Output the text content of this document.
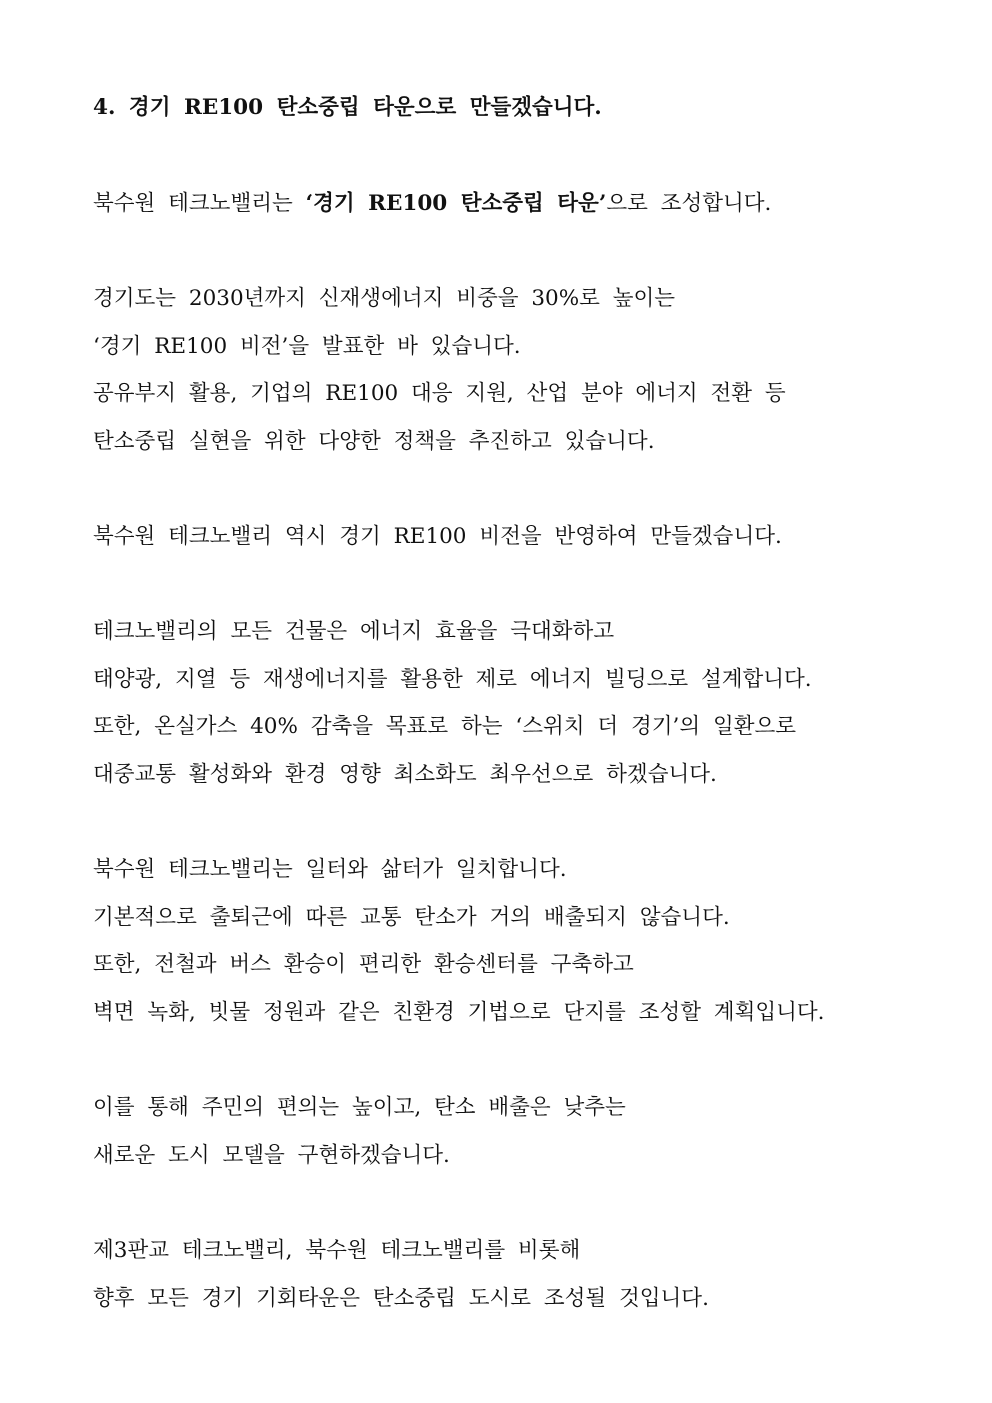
4. 경기 RE100 탄소중립 타운으로 만들겠습니다.
북수원 테크노밸리는 ‘경기 RE100 탄소중립 타운’으로 조성합니다.
경기도는 2030년까지 신재생에너지 비중을 30%로 높이는
‘경기 RE100 비전’을 발표한 바 있습니다.
공유부지 활용, 기업의 RE100 대응 지원, 산업 분야 에너지 전환 등
탄소중립 실현을 위한 다양한 정책을 추진하고 있습니다.
북수원 테크노밸리 역시 경기 RE100 비전을 반영하여 만들겠습니다.
테크노밸리의 모든 건물은 에너지 효율을 극대화하고
태양광, 지열 등 재생에너지를 활용한 제로 에너지 빌딩으로 설계합니다.
또한, 온실가스 40% 감축을 목표로 하는 ‘스위치 더 경기’의 일환으로
대중교통 활성화와 환경 영향 최소화도 최우선으로 하겠습니다.
북수원 테크노밸리는 일터와 삶터가 일치합니다.
기본적으로 출퇴근에 따른 교통 탄소가 거의 배출되지 않습니다.
또한, 전철과 버스 환승이 편리한 환승센터를 구축하고
벽면 녹화, 빗물 정원과 같은 친환경 기법으로 단지를 조성할 계획입니다.
이를 통해 주민의 편의는 높이고, 탄소 배출은 낮추는
새로운 도시 모델을 구현하겠습니다.
제3판교 테크노밸리, 북수원 테크노밸리를 비롯해
향후 모든 경기 기회타운은 탄소중립 도시로 조성될 것입니다.
